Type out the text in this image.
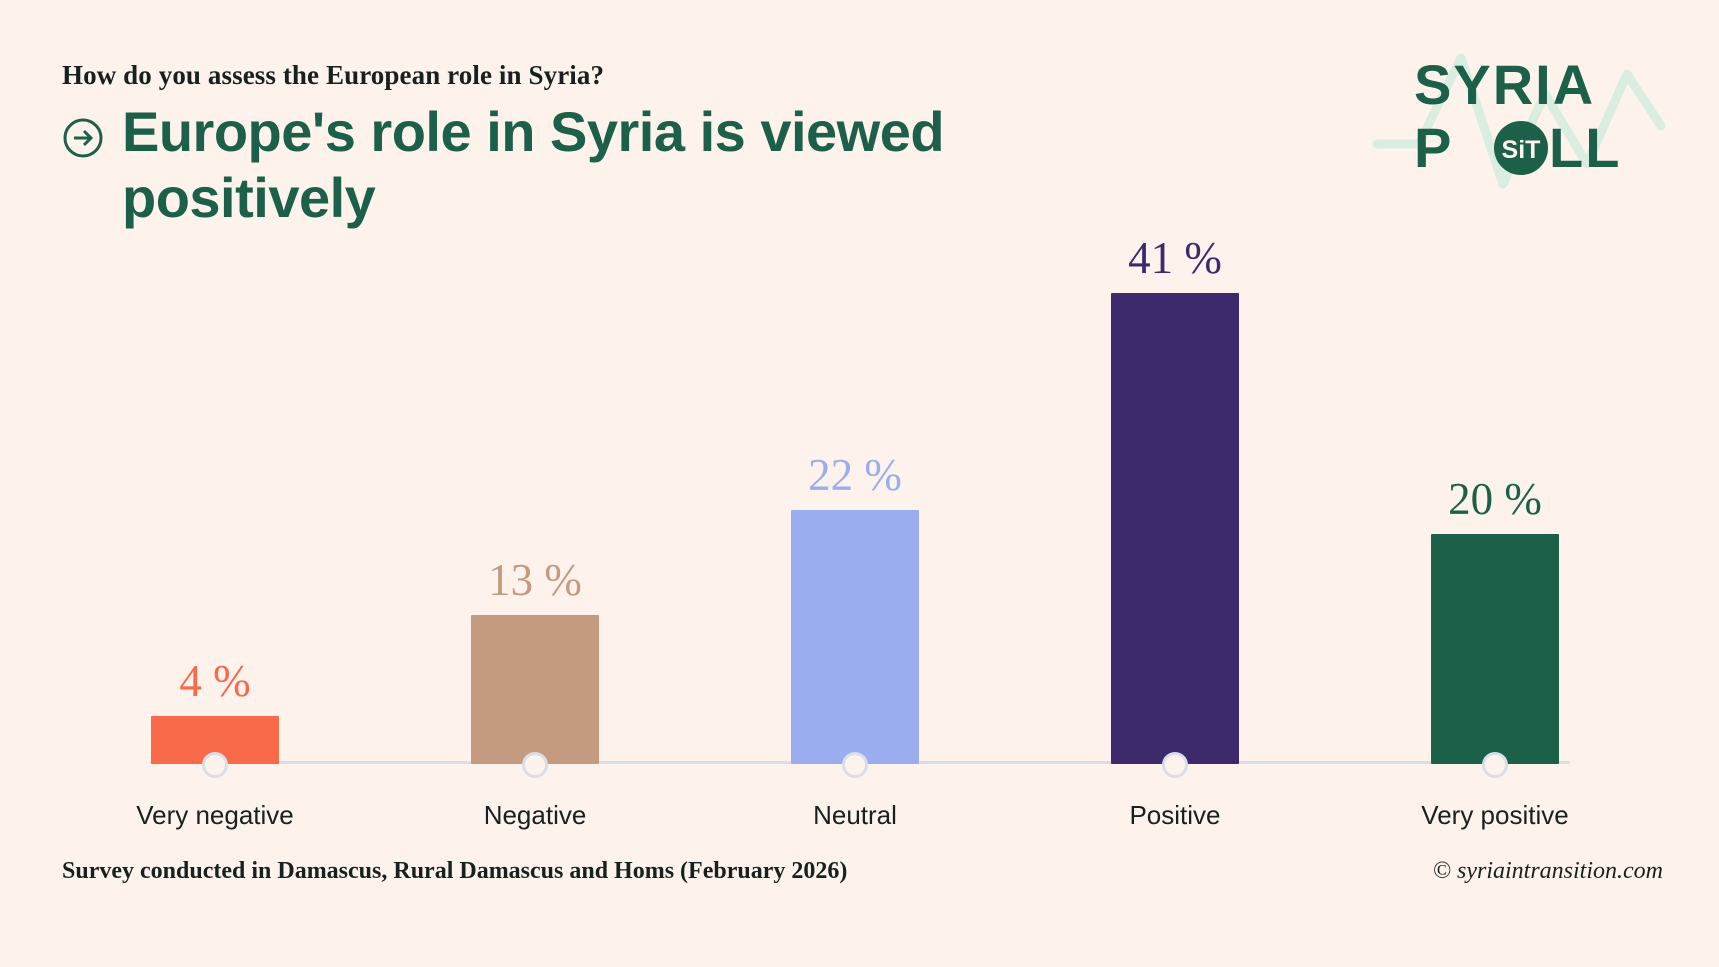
How do you assess the European role in Syria?

Europe's role in Syria is viewed positively
SYRIA
P SiT LL
4 %
Very negative
13 %
Negative
22 %
Neutral
41 %
Positive
20 %
Very positive
Survey conducted in Damascus, Rural Damascus and Homs (February 2026)	© syriaintransition.com
